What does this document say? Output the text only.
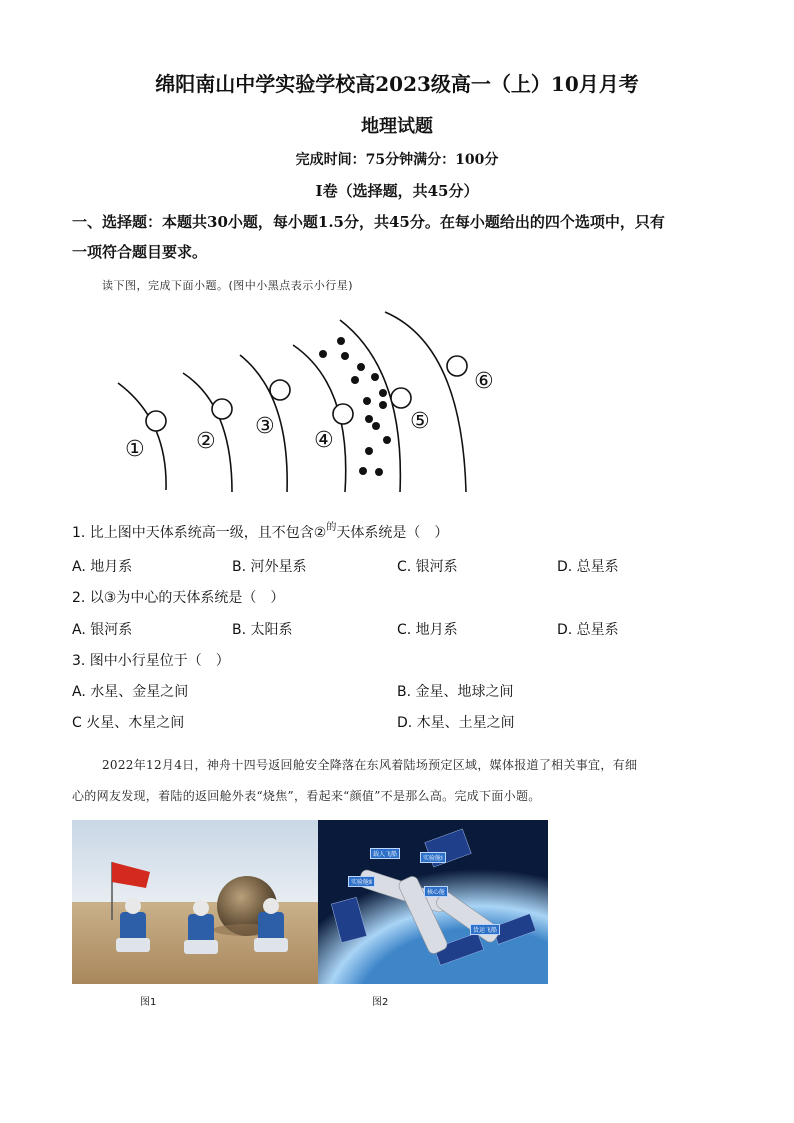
绵阳南山中学实验学校高2023级高一（上）10月月考
地理试题
完成时间：75分钟满分：100分
Ⅰ卷（选择题，共45分）
一、选择题：本题共30小题，每小题1.5分，共45分。在每小题给出的四个选项中，只有
一项符合题目要求。
读下图，完成下面小题。(图中小黑点表示小行星)
① ②
③
④
⑤
⑥
1. 比上图中天体系统高一级，且不包含②$^的$天体系统是（　）
A. 地月系	B. 河外星系	C. 银河系	D. 总星系
2. 以③为中心的天体系统是（　）
A. 银河系	B. 太阳系	C. 地月系	D. 总星系
3. 图中小行星位于（　）
A. 水星、金星之间	B. 金星、地球之间
C 火星、木星之间	D. 木星、土星之间
2022年12月4日，神舟十四号返回舱安全降落在东风着陆场预定区域，媒体报道了相关事宜，有细
心的网友发现，着陆的返回舱外表“烧焦”，看起来“颜值”不是那么高。完成下面小题。
载人飞船
实验舱Ⅰ
实验舱Ⅱ
核心舱
货运飞船
图1	图2
